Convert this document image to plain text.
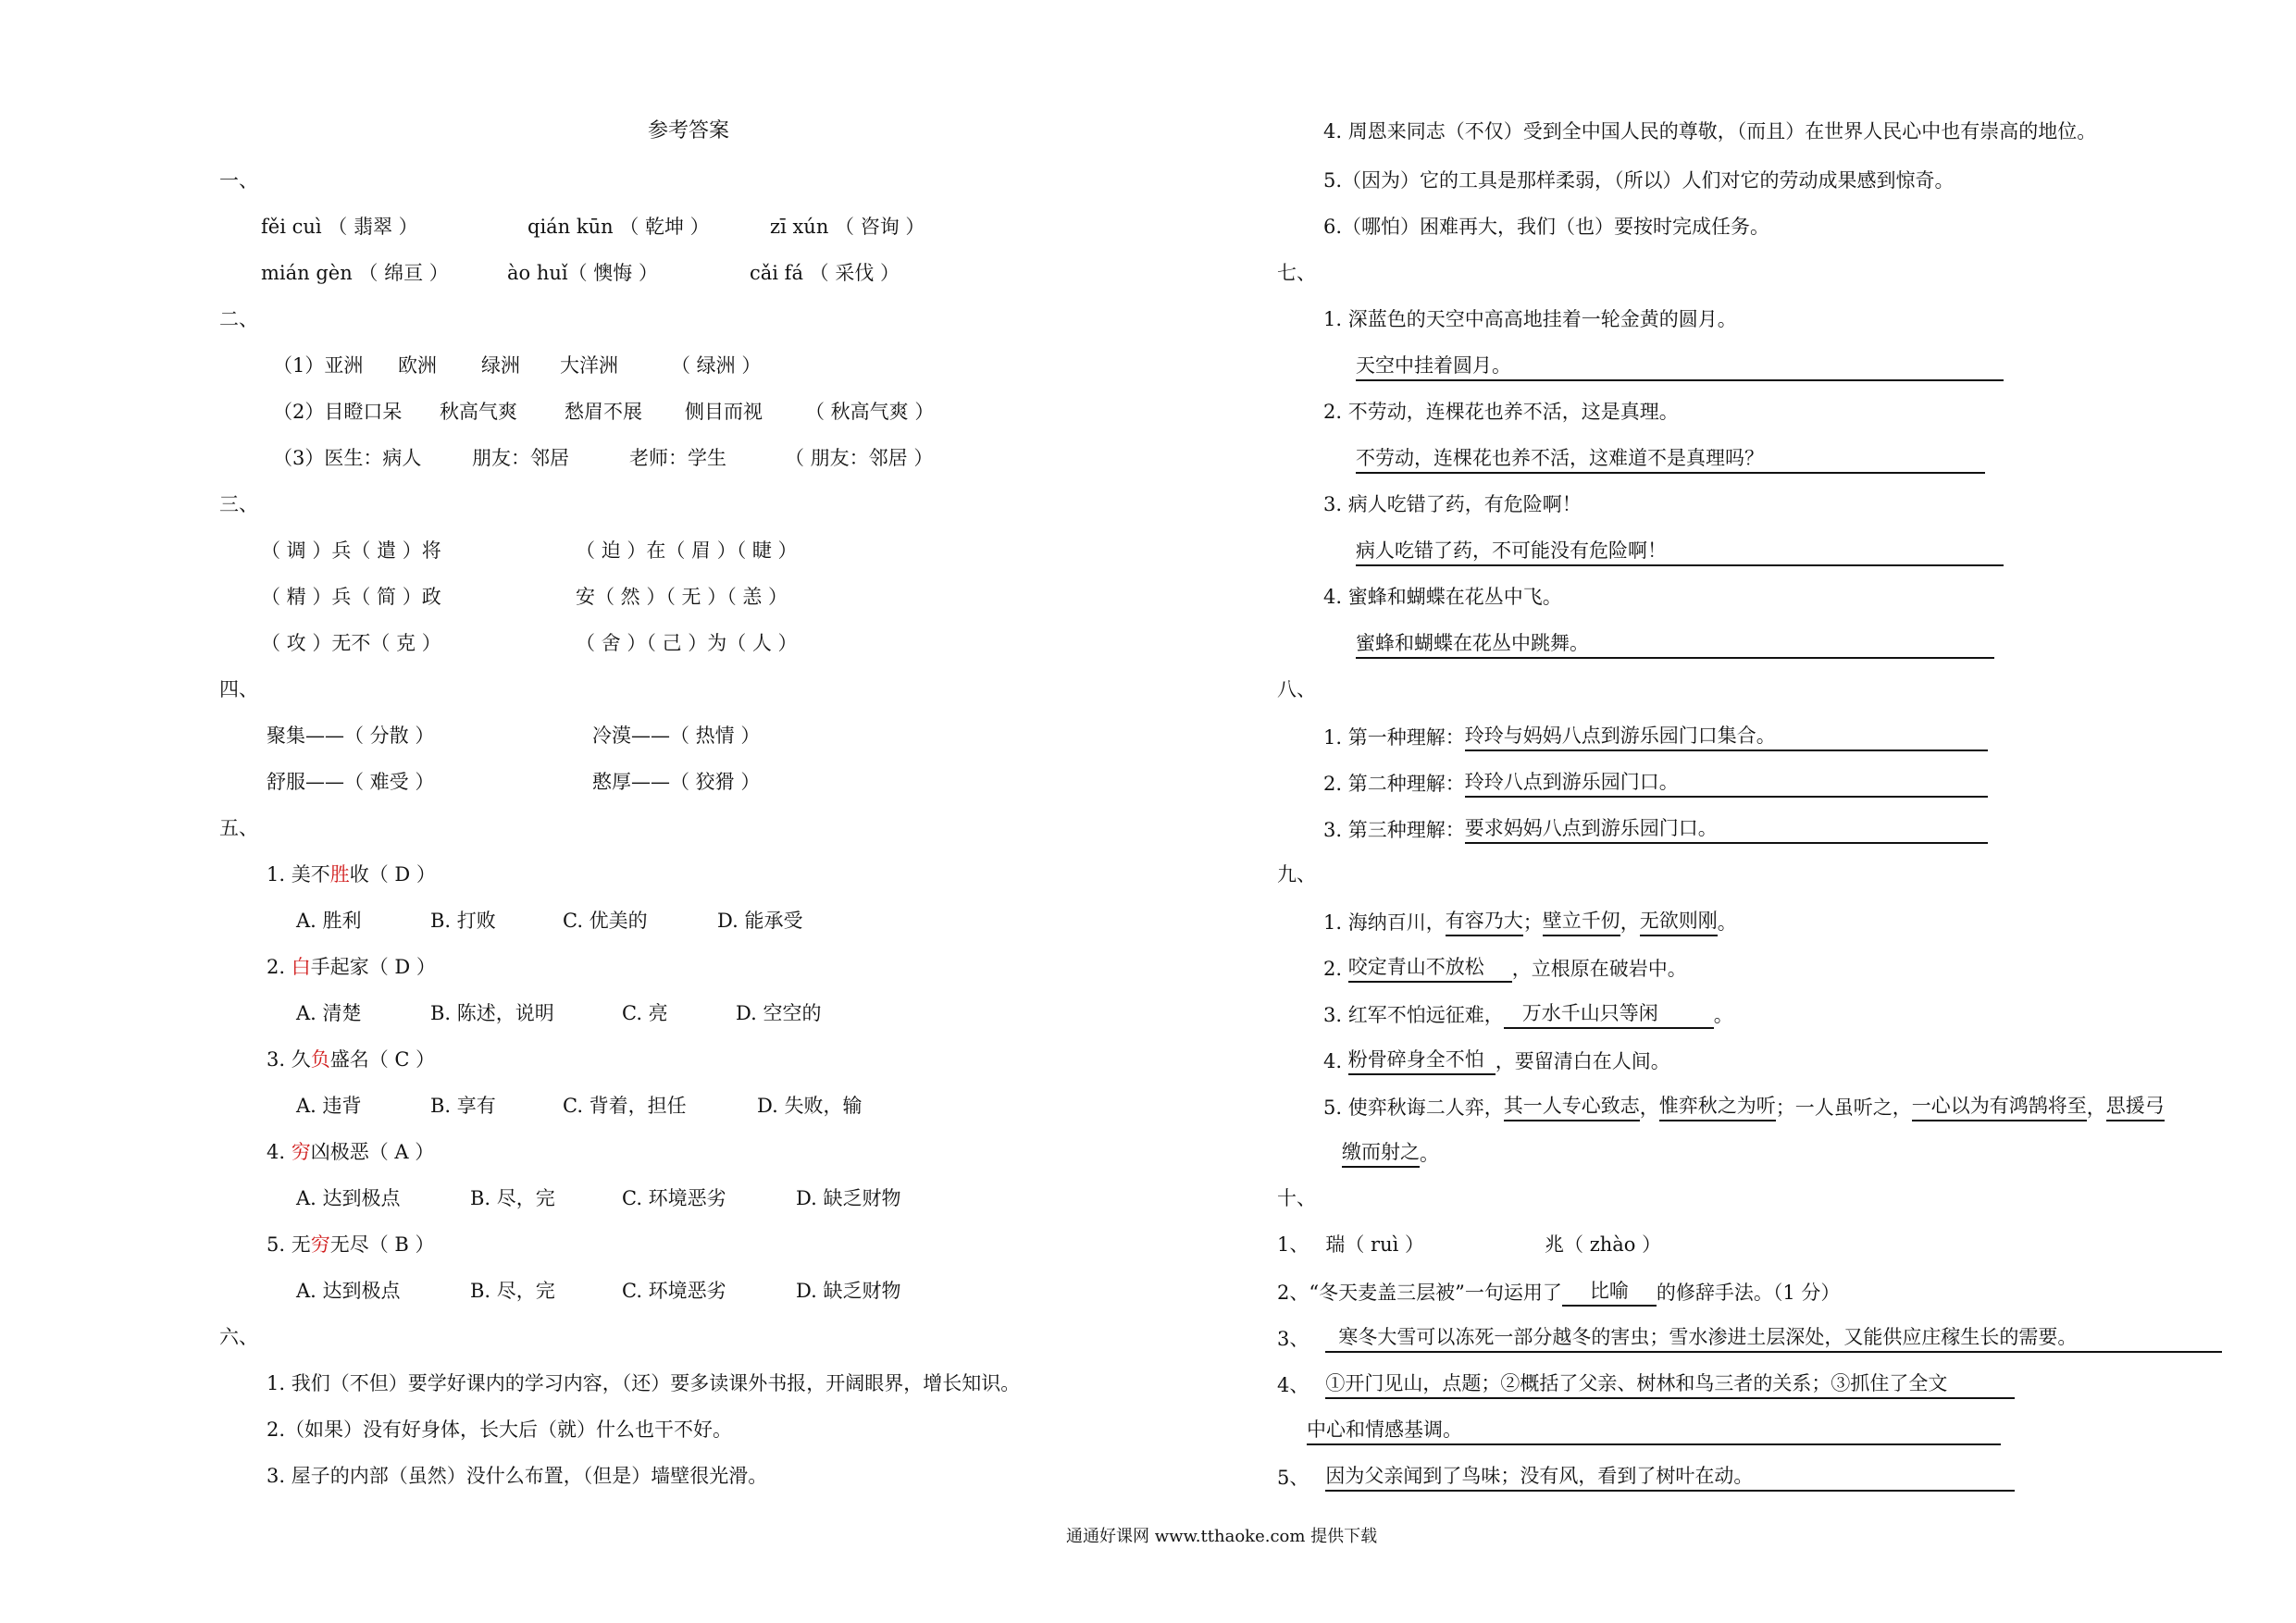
参考答案
一、
fěi cuì （ 翡翠 ）	qián kūn （ 乾坤 ）	zī xún （ 咨询 ）
mián gèn （ 绵亘 ）	ào huǐ（ 懊悔 ）	cǎi fá （ 采伐 ）
二、
（1）亚洲 欧洲 绿洲 大洋洲	（ 绿洲 ）
（2）目瞪口呆 秋高气爽 愁眉不展 侧目而视 （ 秋高气爽 ）
（3）医生：病人	朋友：邻居	老师：学生	（ 朋友：邻居 ）
三、
（ 调 ）兵（ 遣 ）将	（ 迫 ）在（ 眉 ）（ 睫 ）
（ 精 ）兵（ 简 ）政	安（ 然 ）（ 无 ）（ 恙 ）
（ 攻 ）无不（ 克 ）	（ 舍 ）（ 己 ）为（ 人 ）
四、
聚集——（ 分散 ）	冷漠——（ 热情 ）
舒服——（ 难受 ）	憨厚——（ 狡猾 ）
五、
1. 美不胜收（ D ）
A. 胜利	B. 打败	C. 优美的	D. 能承受
2. 白手起家（ D ）
A. 清楚	B. 陈述，说明	C. 亮	D. 空空的
3. 久负盛名（ C ）
A. 违背	B. 享有	C. 背着，担任	D. 失败，输
4. 穷凶极恶（ A ）
A. 达到极点	B. 尽，完	C. 环境恶劣	D. 缺乏财物
5. 无穷无尽（ B ）
A. 达到极点	B. 尽，完	C. 环境恶劣	D. 缺乏财物
六、
1. 我们（不但）要学好课内的学习内容，（还）要多读课外书报，开阔眼界，增长知识。
2.（如果）没有好身体，长大后（就）什么也干不好。
3. 屋子的内部（虽然）没什么布置，（但是）墙壁很光滑。
4. 周恩来同志（不仅）受到全中国人民的尊敬，（而且）在世界人民心中也有崇高的地位。
5.（因为）它的工具是那样柔弱，（所以）人们对它的劳动成果感到惊奇。
6.（哪怕）困难再大，我们（也）要按时完成任务。
七、
1. 深蓝色的天空中高高地挂着一轮金黄的圆月。
天空中挂着圆月。
2. 不劳动，连棵花也养不活，这是真理。
不劳动，连棵花也养不活，这难道不是真理吗？
3. 病人吃错了药，有危险啊！
病人吃错了药，不可能没有危险啊！
4. 蜜蜂和蝴蝶在花丛中飞。
蜜蜂和蝴蝶在花丛中跳舞。
八、
1. 第一种理解：玲玲与妈妈八点到游乐园门口集合。
2. 第二种理解：玲玲八点到游乐园门口。
3. 第三种理解：要求妈妈八点到游乐园门口。
九、
1. 海纳百川，有容乃大；壁立千仞，无欲则刚。
2. 咬定青山不放松 ，立根原在破岩中。
3. 红军不怕远征难， 万水千山只等闲	。
4. 粉骨碎身全不怕 ，要留清白在人间。
5. 使弈秋诲二人弈，其一人专心致志，惟弈秋之为听；一人虽听之，一心以为有鸿鹄将至，思援弓
缴而射之。
十、
1、 瑞（ ruì ）	兆（ zhào ）
2、“冬天麦盖三层被”一句运用了 比喻 的修辞手法。（1 分）
3、 寒冬大雪可以冻死一部分越冬的害虫；雪水渗进土层深处，又能供应庄稼生长的需要。
4、 ①开门见山，点题；②概括了父亲、树林和鸟三者的关系；③抓住了全文
中心和情感基调。
5、 因为父亲闻到了鸟味；没有风，看到了树叶在动。
通通好课网 www.tthaoke.com 提供下载
